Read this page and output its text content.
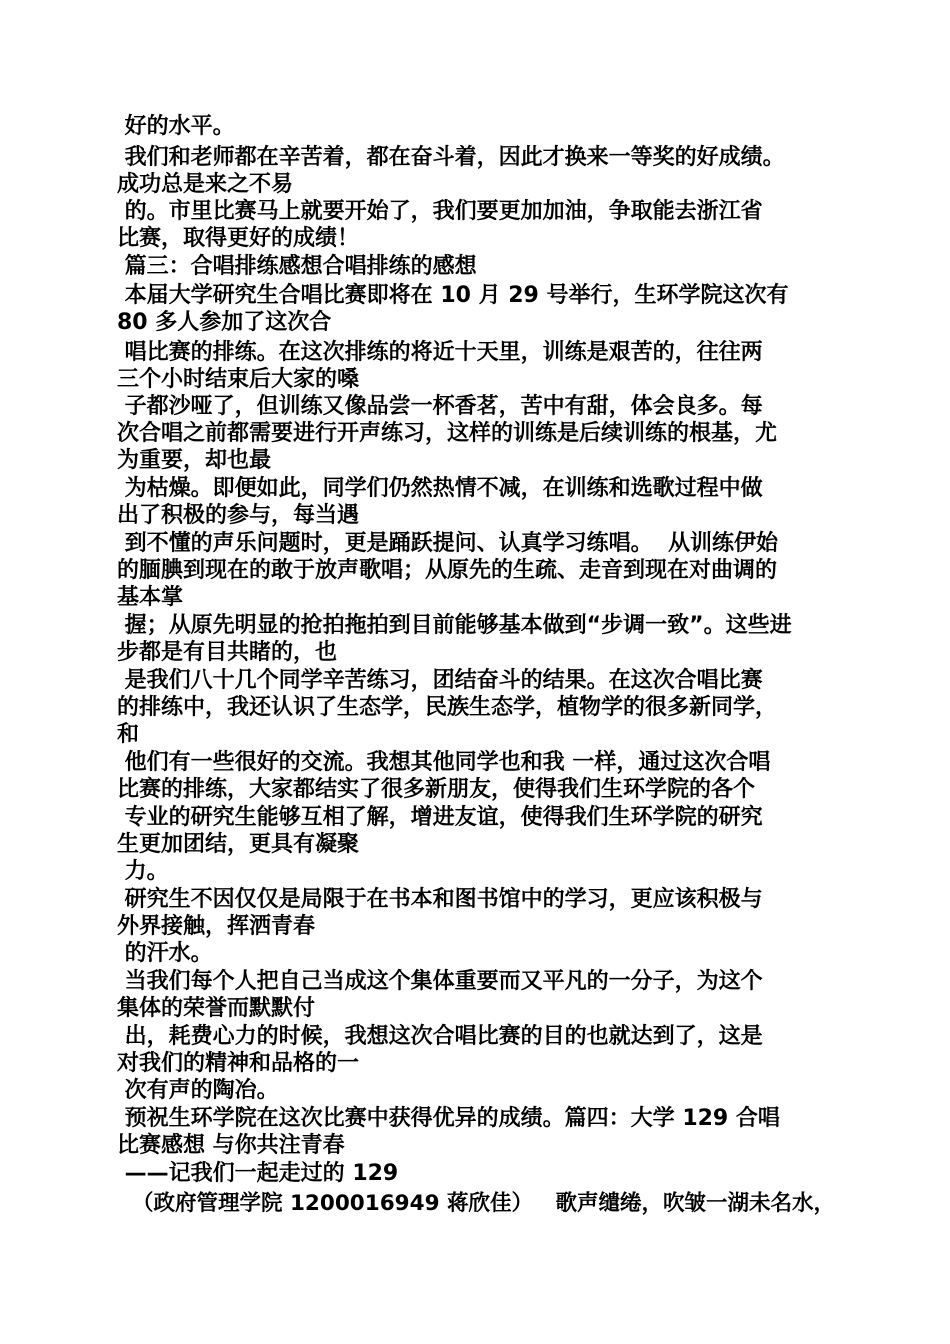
好的水平。
我们和老师都在辛苦着，都在奋斗着，因此才换来一等奖的好成绩。
成功总是来之不易
的。市里比赛马上就要开始了，我们要更加加油，争取能去浙江省
比赛，取得更好的成绩！
篇三：合唱排练感想合唱排练的感想
本届大学研究生合唱比赛即将在 10 月 29 号举行，生环学院这次有
80 多人参加了这次合
唱比赛的排练。在这次排练的将近十天里，训练是艰苦的，往往两
三个小时结束后大家的嗓
子都沙哑了，但训练又像品尝一杯香茗，苦中有甜，体会良多。每
次合唱之前都需要进行开声练习，这样的训练是后续训练的根基，尤
为重要，却也最
为枯燥。即便如此，同学们仍然热情不减，在训练和选歌过程中做
出了积极的参与，每当遇
到不懂的声乐问题时，更是踊跃提问、认真学习练唱。  从训练伊始
的腼腆到现在的敢于放声歌唱；从原先的生疏、走音到现在对曲调的
基本掌
握；从原先明显的抢拍拖拍到目前能够基本做到“步调一致”。这些进
步都是有目共睹的，也
是我们八十几个同学辛苦练习，团结奋斗的结果。在这次合唱比赛
的排练中，我还认识了生态学，民族生态学，植物学的很多新同学，
和
他们有一些很好的交流。我想其他同学也和我 一样，通过这次合唱
比赛的排练，大家都结实了很多新朋友，使得我们生环学院的各个
专业的研究生能够互相了解，增进友谊，使得我们生环学院的研究
生更加团结，更具有凝聚
力。
研究生不因仅仅是局限于在书本和图书馆中的学习，更应该积极与
外界接触，挥洒青春
的汗水。
当我们每个人把自己当成这个集体重要而又平凡的一分子，为这个
集体的荣誉而默默付
出，耗费心力的时候，我想这次合唱比赛的目的也就达到了，这是
对我们的精神和品格的一
次有声的陶冶。
预祝生环学院在这次比赛中获得优异的成绩。篇四：大学 129 合唱
比赛感想 与你共注青春
——记我们一起走过的 129
（政府管理学院 1200016949 蒋欣佳）   歌声缱绻，吹皱一湖未名水，
